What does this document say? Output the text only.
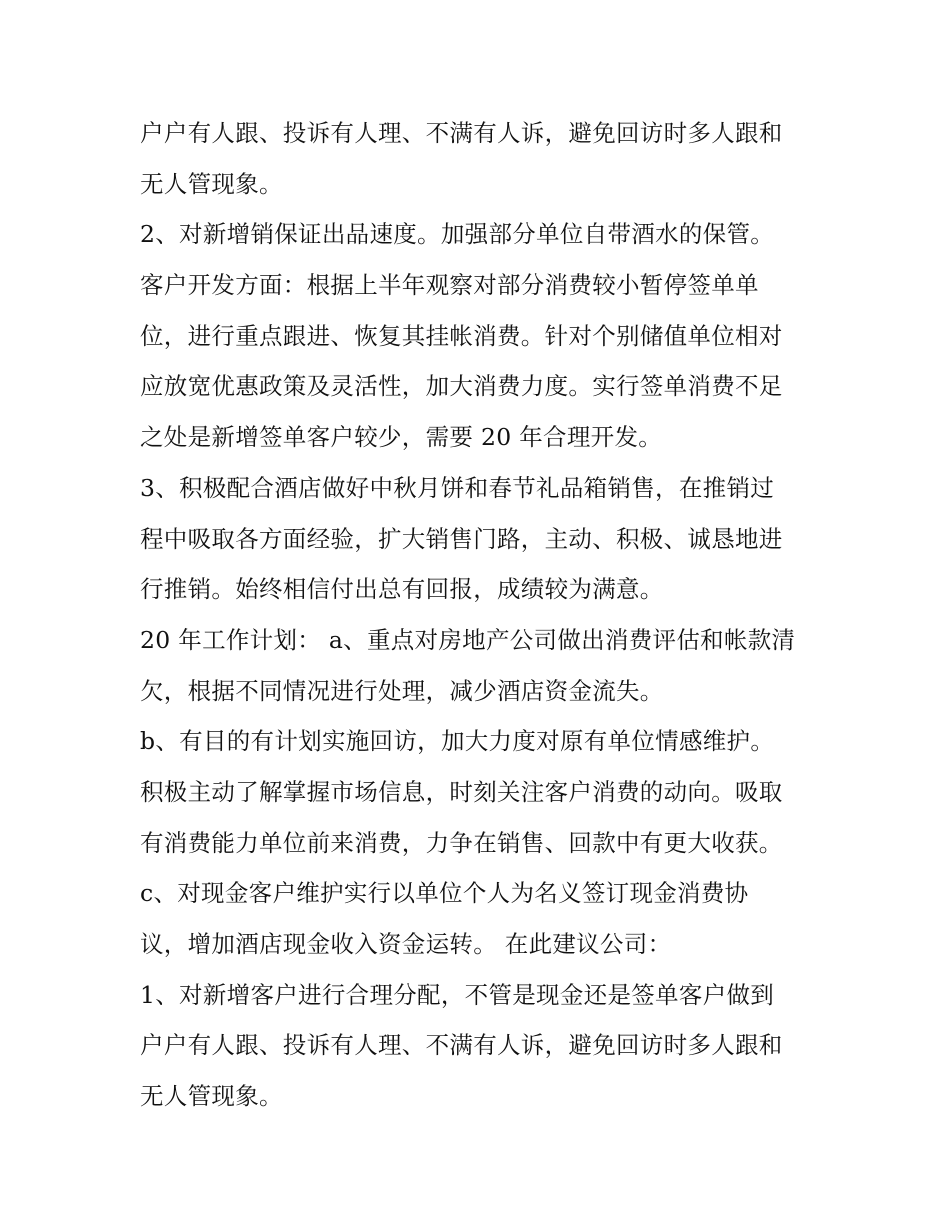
户户有人跟、投诉有人理、不满有人诉，避免回访时多人跟和
无人管现象。
2、对新增销保证出品速度。加强部分单位自带酒水的保管。
客户开发方面：根据上半年观察对部分消费较小暂停签单单
位，进行重点跟进、恢复其挂帐消费。针对个别储值单位相对
应放宽优惠政策及灵活性，加大消费力度。实行签单消费不足
之处是新增签单客户较少，需要 20 年合理开发。
3、积极配合酒店做好中秋月饼和春节礼品箱销售，在推销过
程中吸取各方面经验，扩大销售门路，主动、积极、诚恳地进
行推销。始终相信付出总有回报，成绩较为满意。
20 年工作计划： a、重点对房地产公司做出消费评估和帐款清
欠，根据不同情况进行处理，减少酒店资金流失。
b、有目的有计划实施回访，加大力度对原有单位情感维护。
积极主动了解掌握市场信息，时刻关注客户消费的动向。吸取
有消费能力单位前来消费，力争在销售、回款中有更大收获。
c、对现金客户维护实行以单位个人为名义签订现金消费协
议，增加酒店现金收入资金运转。 在此建议公司：
1、对新增客户进行合理分配，不管是现金还是签单客户做到
户户有人跟、投诉有人理、不满有人诉，避免回访时多人跟和
无人管现象。
